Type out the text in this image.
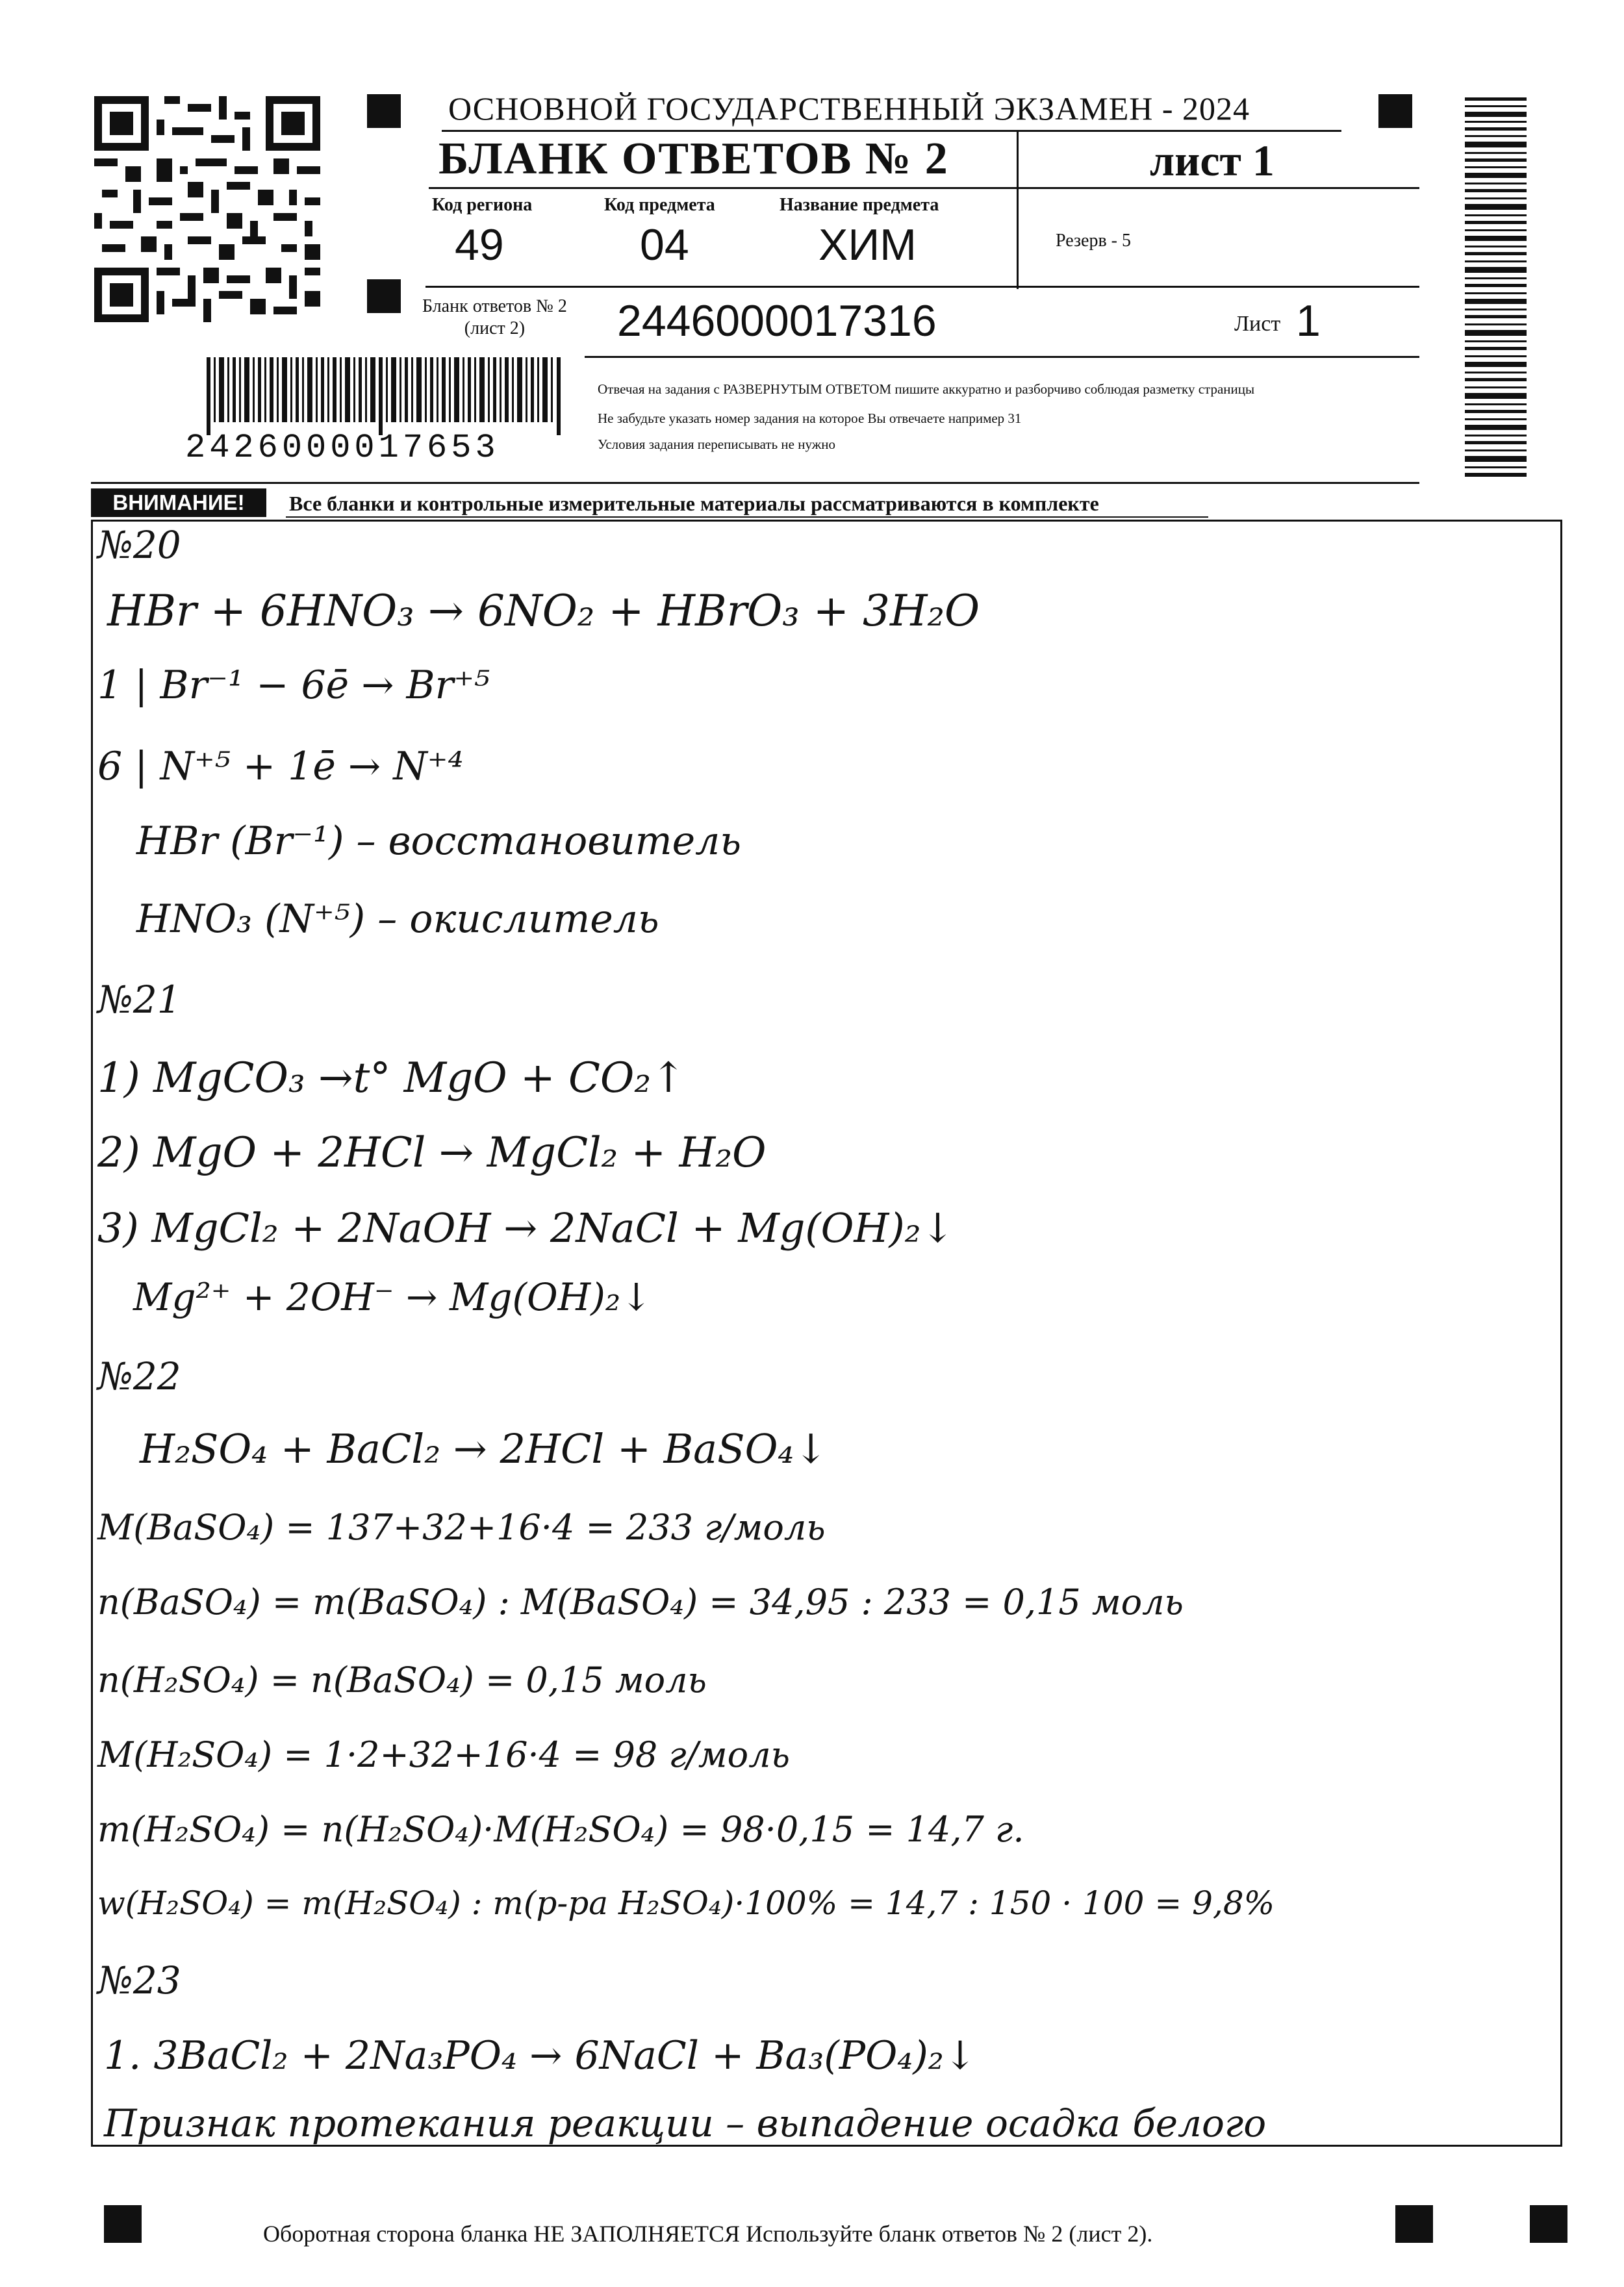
ОСНОВНОЙ ГОСУДАРСТВЕННЫЙ ЭКЗАМЕН - 2024
БЛАНК ОТВЕТОВ № 2	лист 1
Код региона
49
Код предмета
04
Название предмета
ХИМ	Резерв - 5
Бланк ответов № 2
(лист 2)	2446000017316	Лист 1
Отвечая на задания с РАЗВЕРНУТЫМ ОТВЕТОМ пишите аккуратно и разборчиво соблюдая разметку страницы
Не забудьте указать номер задания на которое Вы отвечаете например 31
Условия задания переписывать не нужно
2426000017653
ВНИМАНИЕ!	Все бланки и контрольные измерительные материалы рассматриваются в комплекте
№20
HBr + 6HNO₃ → 6NO₂ + HBrO₃ + 3H₂O
1 | Br⁻¹ − 6ē → Br⁺⁵
6 | N⁺⁵ + 1ē → N⁺⁴
HBr (Br⁻¹) – восстановитель
HNO₃ (N⁺⁵) – окислитель
№21
1) MgCO₃ →t° MgO + CO₂↑
2) MgO + 2HCl → MgCl₂ + H₂O
3) MgCl₂ + 2NaOH → 2NaCl + Mg(OH)₂↓
Mg²⁺ + 2OH⁻ → Mg(OH)₂↓
№22
H₂SO₄ + BaCl₂ → 2HCl + BaSO₄↓
M(BaSO₄) = 137+32+16·4 = 233 г/моль
n(BaSO₄) = m(BaSO₄) : M(BaSO₄) = 34,95 : 233 = 0,15 моль
n(H₂SO₄) = n(BaSO₄) = 0,15 моль
M(H₂SO₄) = 1·2+32+16·4 = 98 г/моль
m(H₂SO₄) = n(H₂SO₄)·M(H₂SO₄) = 98·0,15 = 14,7 г.
w(H₂SO₄) = m(H₂SO₄) : m(р-ра H₂SO₄)·100% = 14,7 : 150 · 100 = 9,8%
№23
1. 3BaCl₂ + 2Na₃PO₄ → 6NaCl + Ba₃(PO₄)₂↓
Признак протекания реакции – выпадение осадка белого
Оборотная сторона бланка НЕ ЗАПОЛНЯЕТСЯ Используйте бланк ответов № 2 (лист 2).
